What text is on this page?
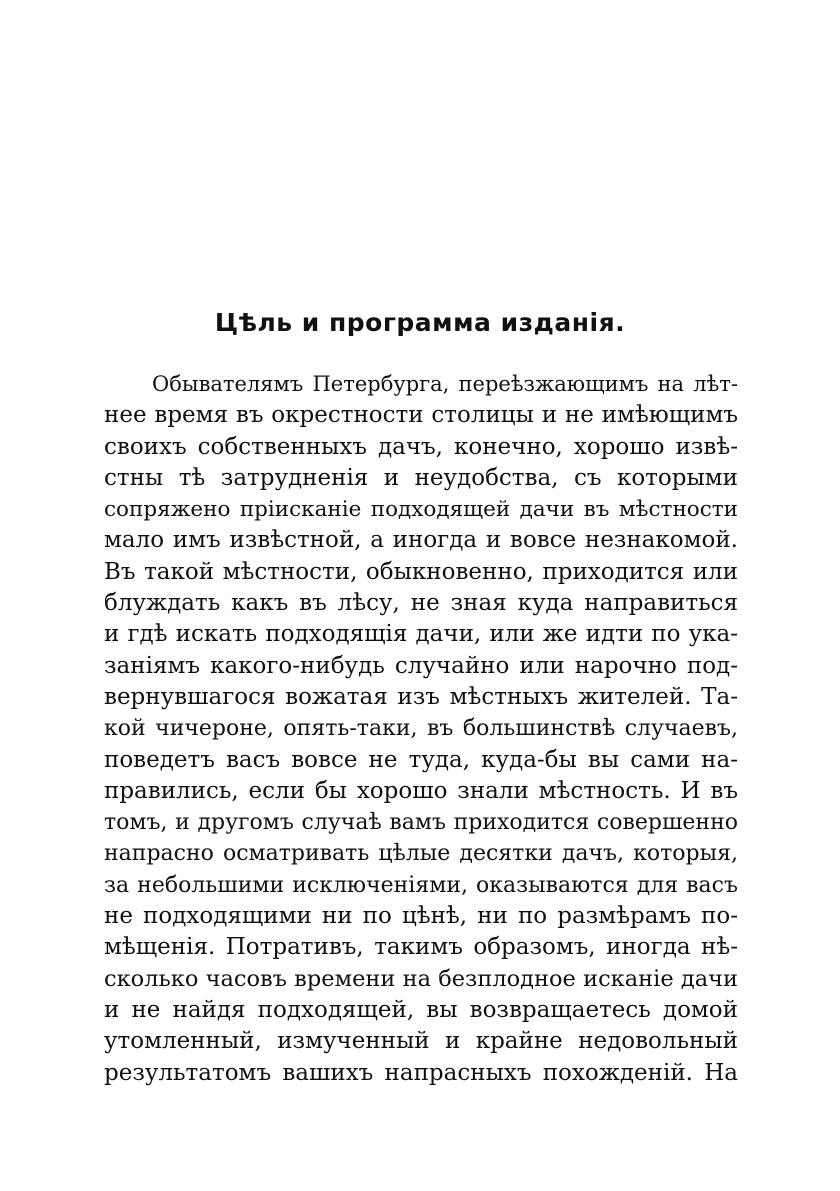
Цѣль и программа изданія.
Обывателямъ Петербурга, переѣзжающимъ на лѣт-
нее время въ окрестности столицы и не имѣющимъ
своихъ собственныхъ дачъ, конечно, хорошо извѣ-
стны тѣ затрудненія и неудобства, съ которыми
сопряжено пріисканіе подходящей дачи въ мѣстности
мало имъ извѣстной, а иногда и вовсе незнакомой.
Въ такой мѣстности, обыкновенно, приходится или
блуждать какъ въ лѣсу, не зная куда направиться
и гдѣ искать подходящія дачи, или же идти по ука-
заніямъ какого-нибудь случайно или нарочно под-
вернувшагося вожатая изъ мѣстныхъ жителей. Та-
кой чичероне, опять-таки, въ большинствѣ случаевъ,
поведетъ васъ вовсе не туда, куда-бы вы сами на-
правились, если бы хорошо знали мѣстность. И въ
томъ, и другомъ случаѣ вамъ приходится совершенно
напрасно осматривать цѣлые десятки дачъ, которыя,
за небольшими исключеніями, оказываются для васъ
не подходящими ни по цѣнѣ, ни по размѣрамъ по-
мѣщенія. Потративъ, такимъ образомъ, иногда нѣ-
сколько часовъ времени на безплодное исканіе дачи
и не найдя подходящей, вы возвращаетесь домой
утомленный, измученный и крайне недовольный
результатомъ вашихъ напрасныхъ похожденій. На
